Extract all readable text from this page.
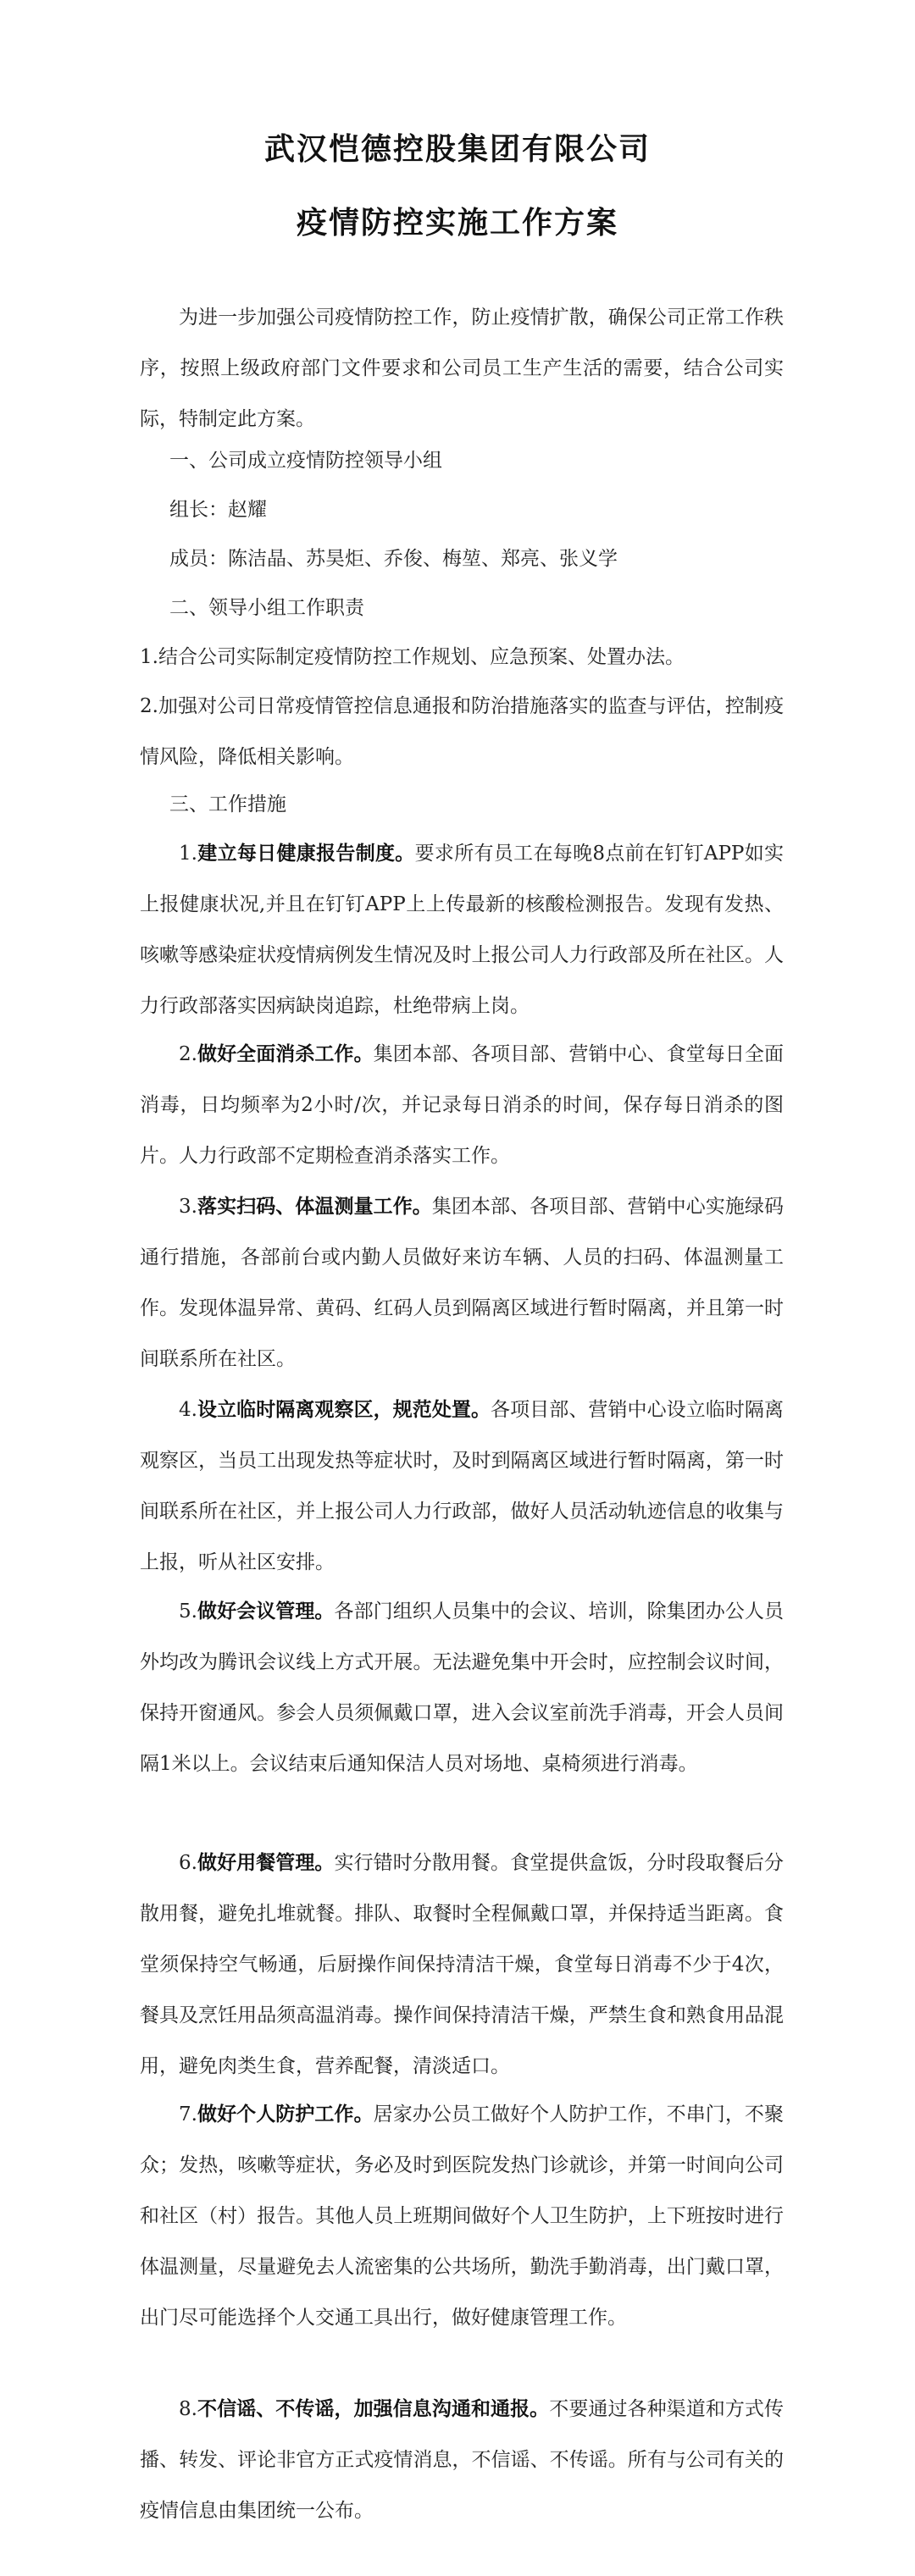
武汉恺德控股集团有限公司
疫情防控实施工作方案

为进一步加强公司疫情防控工作，防止疫情扩散，确保公司正常工作秩序，按照上级政府部门文件要求和公司员工生产生活的需要，结合公司实际，特制定此方案。

一、公司成立疫情防控领导小组
组长：赵耀
成员：陈洁晶、苏昊炬、乔俊、梅堃、郑亮、张义学
二、领导小组工作职责

1.结合公司实际制定疫情防控工作规划、应急预案、处置办法。

2.加强对公司日常疫情管控信息通报和防治措施落实的监查与评估，控制疫情风险，降低相关影响。

三、工作措施

1.建立每日健康报告制度。要求所有员工在每晚8点前在钉钉APP如实上报健康状况,并且在钉钉APP上上传最新的核酸检测报告。发现有发热、咳嗽等感染症状疫情病例发生情况及时上报公司人力行政部及所在社区。人力行政部落实因病缺岗追踪，杜绝带病上岗。

2.做好全面消杀工作。集团本部、各项目部、营销中心、食堂每日全面消毒，日均频率为2小时/次，并记录每日消杀的时间，保存每日消杀的图片。人力行政部不定期检查消杀落实工作。

3.落实扫码、体温测量工作。集团本部、各项目部、营销中心实施绿码通行措施，各部前台或内勤人员做好来访车辆、人员的扫码、体温测量工作。发现体温异常、黄码、红码人员到隔离区域进行暂时隔离，并且第一时间联系所在社区。

4.设立临时隔离观察区，规范处置。各项目部、营销中心设立临时隔离观察区，当员工出现发热等症状时，及时到隔离区域进行暂时隔离，第一时间联系所在社区，并上报公司人力行政部，做好人员活动轨迹信息的收集与上报，听从社区安排。

5.做好会议管理。各部门组织人员集中的会议、培训，除集团办公人员外均改为腾讯会议线上方式开展。无法避免集中开会时，应控制会议时间，保持开窗通风。参会人员须佩戴口罩，进入会议室前洗手消毒，开会人员间隔1米以上。会议结束后通知保洁人员对场地、桌椅须进行消毒。

6.做好用餐管理。实行错时分散用餐。食堂提供盒饭，分时段取餐后分散用餐，避免扎堆就餐。排队、取餐时全程佩戴口罩，并保持适当距离。食堂须保持空气畅通，后厨操作间保持清洁干燥，食堂每日消毒不少于4次，餐具及烹饪用品须高温消毒。操作间保持清洁干燥，严禁生食和熟食用品混用，避免肉类生食，营养配餐，清淡适口。

7.做好个人防护工作。居家办公员工做好个人防护工作，不串门，不聚众；发热，咳嗽等症状，务必及时到医院发热门诊就诊，并第一时间向公司和社区（村）报告。其他人员上班期间做好个人卫生防护，上下班按时进行体温测量，尽量避免去人流密集的公共场所，勤洗手勤消毒，出门戴口罩，出门尽可能选择个人交通工具出行，做好健康管理工作。

8.不信谣、不传谣，加强信息沟通和通报。不要通过各种渠道和方式传播、转发、评论非官方正式疫情消息，不信谣、不传谣。所有与公司有关的疫情信息由集团统一公布。
